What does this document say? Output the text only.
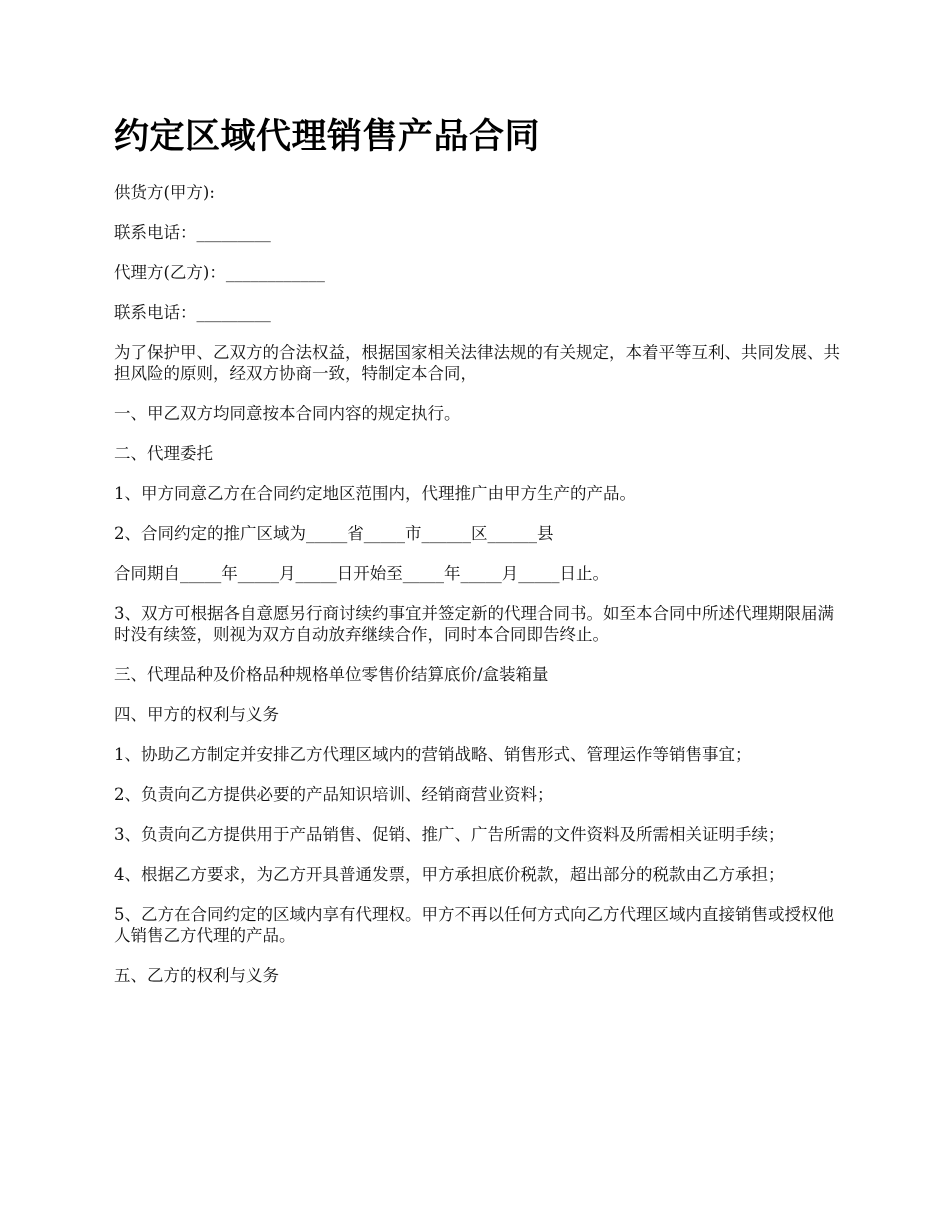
约定区域代理销售产品合同

供货方(甲方):

联系电话：_________

代理方(乙方)：____________

联系电话：_________

为了保护甲、乙双方的合法权益，根据国家相关法律法规的有关规定，本着平等互利、共同发展、共担风险的原则，经双方协商一致，特制定本合同，

一、甲乙双方均同意按本合同内容的规定执行。

二、代理委托

1、甲方同意乙方在合同约定地区范围内，代理推广由甲方生产的产品。

2、合同约定的推广区域为_____省_____市______区______县

合同期自_____年_____月_____日开始至_____年_____月_____日止。

3、双方可根据各自意愿另行商讨续约事宜并签定新的代理合同书。如至本合同中所述代理期限届满时没有续签，则视为双方自动放弃继续合作，同时本合同即告终止。

三、代理品种及价格品种规格单位零售价结算底价/盒装箱量

四、甲方的权利与义务

1、协助乙方制定并安排乙方代理区域内的营销战略、销售形式、管理运作等销售事宜；

2、负责向乙方提供必要的产品知识培训、经销商营业资料；

3、负责向乙方提供用于产品销售、促销、推广、广告所需的文件资料及所需相关证明手续；

4、根据乙方要求，为乙方开具普通发票，甲方承担底价税款，超出部分的税款由乙方承担；

5、乙方在合同约定的区域内享有代理权。甲方不再以任何方式向乙方代理区域内直接销售或授权他人销售乙方代理的产品。

五、乙方的权利与义务
